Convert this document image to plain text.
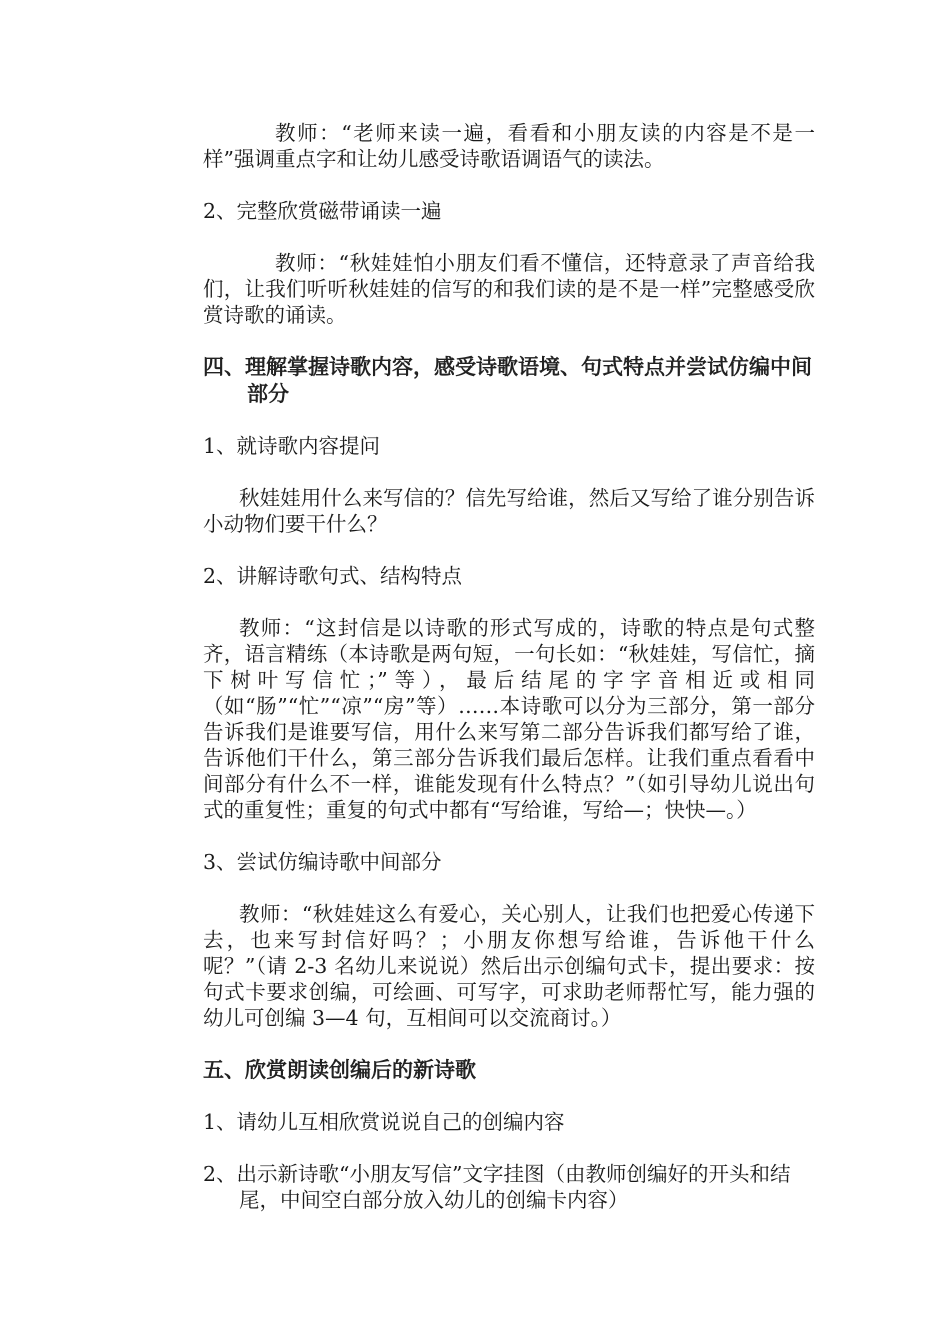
教师：“老师来读一遍，看看和小朋友读的内容是不是一样”强调重点字和让幼儿感受诗歌语调语气的读法。

2、完整欣赏磁带诵读一遍

教师：“秋娃娃怕小朋友们看不懂信，还特意录了声音给我们，让我们听听秋娃娃的信写的和我们读的是不是一样”完整感受欣赏诗歌的诵读。

四、理解掌握诗歌内容，感受诗歌语境、句式特点并尝试仿编中间部分

1、就诗歌内容提问

秋娃娃用什么来写信的？信先写给谁，然后又写给了谁分别告诉小动物们要干什么？

2、讲解诗歌句式、结构特点

教师：“这封信是以诗歌的形式写成的，诗歌的特点是句式整齐，语言精练（本诗歌是两句短，一句长如：“秋娃娃，写信忙，摘下树叶写信忙；”等），最后结尾的字字音相近或相同（如“肠”“忙”“凉”“房”等）……本诗歌可以分为三部分，第一部分告诉我们是谁要写信，用什么来写第二部分告诉我们都写给了谁，告诉他们干什么，第三部分告诉我们最后怎样。让我们重点看看中间部分有什么不一样，谁能发现有什么特点？”（如引导幼儿说出句式的重复性；重复的句式中都有“写给谁，写给—；快快—。）

3、尝试仿编诗歌中间部分

教师：“秋娃娃这么有爱心，关心别人，让我们也把爱心传递下去，也来写封信好吗？；小朋友你想写给谁，告诉他干什么呢？”（请 2-3 名幼儿来说说）然后出示创编句式卡，提出要求：按句式卡要求创编，可绘画、可写字，可求助老师帮忙写，能力强的幼儿可创编 3—4 句，互相间可以交流商讨。）

五、欣赏朗读创编后的新诗歌

1、请幼儿互相欣赏说说自己的创编内容

2、出示新诗歌“小朋友写信”文字挂图（由教师创编好的开头和结尾，中间空白部分放入幼儿的创编卡内容）
